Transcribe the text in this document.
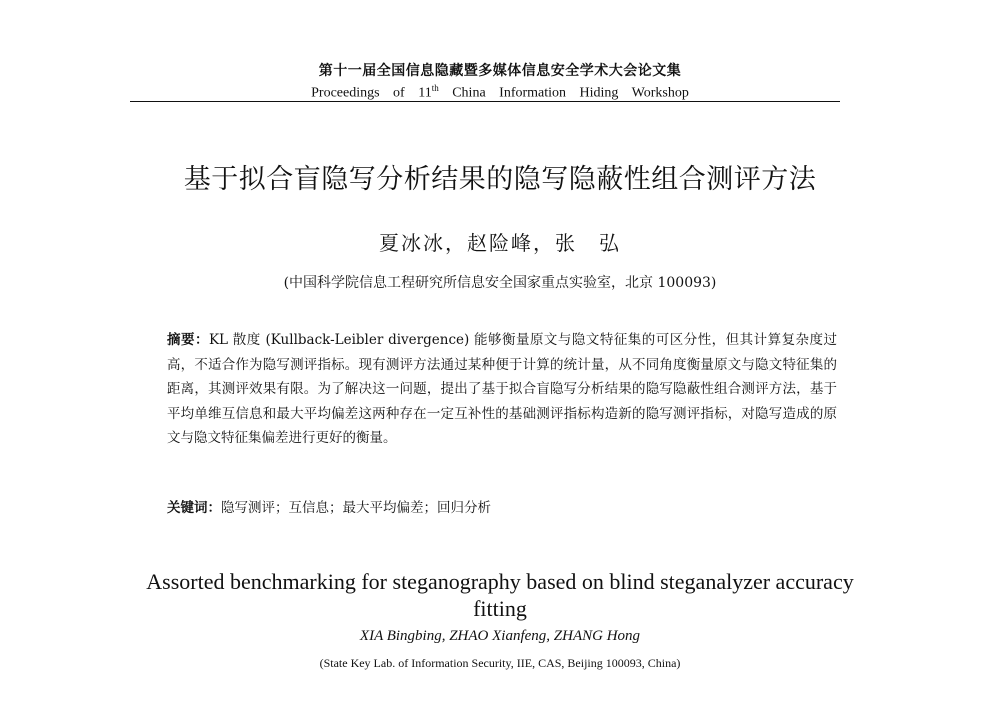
第十一届全国信息隐藏暨多媒体信息安全学术大会论文集
Proceedings of 11th China Information Hiding Workshop
基于拟合盲隐写分析结果的隐写隐蔽性组合测评方法
夏冰冰，赵险峰，张　弘
(中国科学院信息工程研究所信息安全国家重点实验室，北京 100093)
摘要：KL 散度 (Kullback-Leibler divergence) 能够衡量原文与隐文特征集的可区分性，但其计算复杂度过高，不适合作为隐写测评指标。现有测评方法通过某种便于计算的统计量，从不同角度衡量原文与隐文特征集的距离，其测评效果有限。为了解决这一问题，提出了基于拟合盲隐写分析结果的隐写隐蔽性组合测评方法，基于平均单维互信息和最大平均偏差这两种存在一定互补性的基础测评指标构造新的隐写测评指标，对隐写造成的原文与隐文特征集偏差进行更好的衡量。
关键词：隐写测评；互信息；最大平均偏差；回归分析
Assorted benchmarking for steganography based on blind steganalyzer accuracy fitting
XIA Bingbing, ZHAO Xianfeng, ZHANG Hong
(State Key Lab. of Information Security, IIE, CAS, Beijing 100093, China)
